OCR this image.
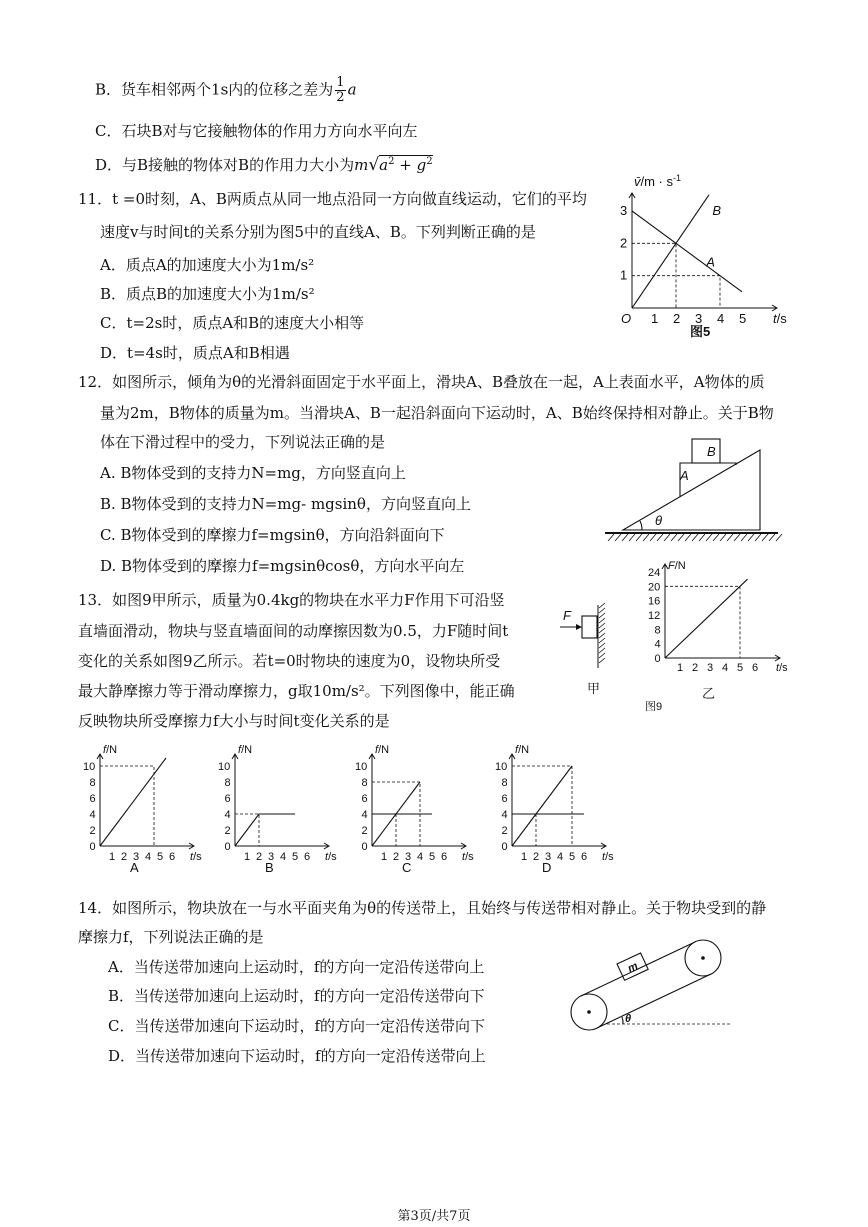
B．货车相邻两个1s内的位移之差为 $\frac{1}{2}$ a
C．石块B对与它接触物体的作用力方向水平向左
D．与B接触的物体对B的作用力大小为$m√a^2 + g^2$
11．t =0时刻，A、B两质点从同一地点沿同一方向做直线运动，它们的平均
速度v与时间t的关系分别为图5中的直线A、B。下列判断正确的是
A．质点A的加速度大小为1m/s²
B．质点B的加速度大小为1m/s²
C．t=2s时，质点A和B的速度大小相等
D．t=4s时，质点A和B相遇
1 2 3 4 5
1
2
3
O	t/s
v̄/m · $s^{-1}$
B
A
图5
12．如图所示，倾角为θ的光滑斜面固定于水平面上，滑块A、B叠放在一起，A上表面水平，A物体的质
量为2m，B物体的质量为m。当滑块A、B一起沿斜面向下运动时，A、B始终保持相对静止。关于B物
体在下滑过程中的受力，下列说法正确的是
A. B物体受到的支持力N=mg，方向竖直向上
B. B物体受到的支持力N=mg- mgsinθ，方向竖直向上
C. B物体受到的摩擦力f=mgsinθ，方向沿斜面向下
D. B物体受到的摩擦力f=mgsinθcosθ，方向水平向左
B
A
θ
13．如图9甲所示，质量为0.4kg的物块在水平力F作用下可沿竖
直墙面滑动，物块与竖直墙面间的动摩擦因数为0.5，力F随时间t
变化的关系如图9乙所示。若t=0时物块的速度为0，设物块所受
最大静摩擦力等于滑动摩擦力，g取10m/s²。下列图像中，能正确
反映物块所受摩擦力f大小与时间t变化关系的是
F
甲
1 2 3 4 5 6
0
4
8
12
16
20
24
t/s
F/N
乙
图9
1 2 3 4 5 6
0
2
4
6
8
10
t/s
f/N
A
1 2 3 4 5 6
0
2
4
6
8
10
t/s
f/N
B
1 2 3 4 5 6
0
2
4
6
8
10
t/s
f/N
C
1 2 3 4 5 6
0
2
4
6
8
10
t/s
f/N
D
14．如图所示，物块放在一与水平面夹角为θ的传送带上，且始终与传送带相对静止。关于物块受到的静
摩擦力f，下列说法正确的是
A．当传送带加速向上运动时，f的方向一定沿传送带向上
B．当传送带加速向上运动时，f的方向一定沿传送带向下
C．当传送带加速向下运动时，f的方向一定沿传送带向下
D．当传送带加速向下运动时，f的方向一定沿传送带向上
m
θ
第3页/共7页
